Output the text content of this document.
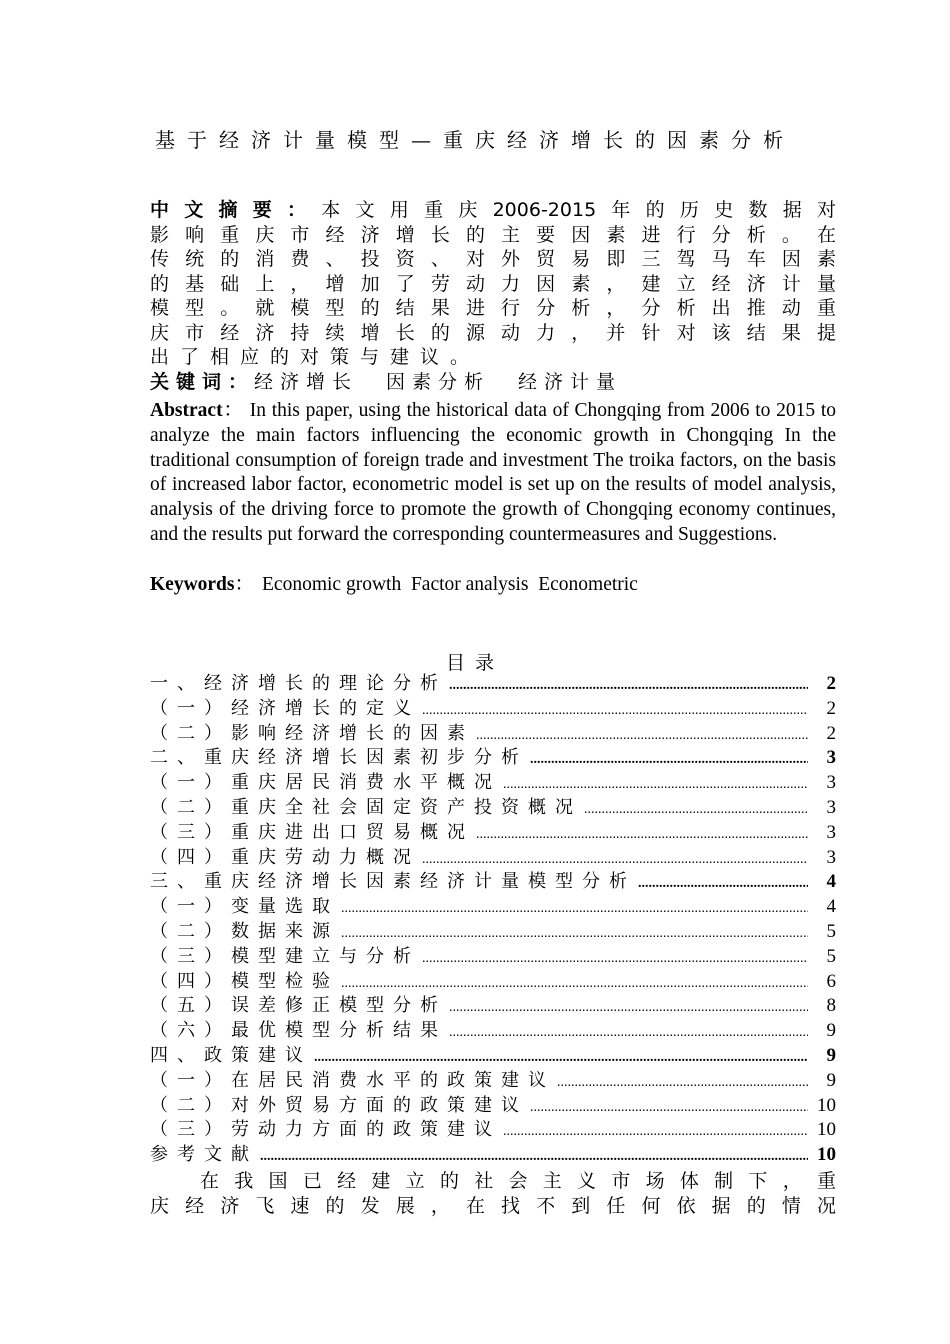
基于经济计量模型—重庆经济增长的因素分析
中文摘要：本文用重庆2006-2015年的历史数据对
影响重庆市经济增长的主要因素进行分析。在
传统的消费、投资、对外贸易即三驾马车因素
的基础上，增加了劳动力因素，建立经济计量
模型。就模型的结果进行分析，分析出推动重
庆市经济持续增长的源动力，并针对该结果提
出了相应的对策与建议。
关键词：经济增长 因素分析 经济计量
Abstract： In this paper, using the historical data of Chongqing from 2006 to 2015 to analyze the main factors influencing the economic growth in Chongqing In the traditional consumption of foreign trade and investment The troika factors, on the basis of increased labor factor, econometric model is set up on the results of model analysis, analysis of the driving force to promote the growth of Chongqing economy continues, and the results put forward the corresponding countermeasures and Suggestions.
Keywords： Economic growth  Factor analysis  Econometric
目录
一、经济增长的理论分析 .....	2
（一）经济增长的定义 .....	2
（二）影响经济增长的因素 .....	2
二、重庆经济增长因素初步分析 .....	3
（一）重庆居民消费水平概况 .....	3
（二）重庆全社会固定资产投资概况 .....	3
（三）重庆进出口贸易概况 .....	3
（四）重庆劳动力概况 .....	3
三、重庆经济增长因素经济计量模型分析 .....	4
（一）变量选取 .....	4
（二）数据来源 .....	5
（三）模型建立与分析 .....	5
（四）模型检验 .....	6
（五）误差修正模型分析 .....	8
（六）最优模型分析结果 .....	9
四、政策建议 .....	9
（一）在居民消费水平的政策建议 .....	9
（二）对外贸易方面的政策建议 .....	10
（三）劳动力方面的政策建议 .....	10
参考文献 .....	10
在我国已经建立的社会主义市场体制下，重
庆经济飞速的发展，在找不到任何依据的情况
